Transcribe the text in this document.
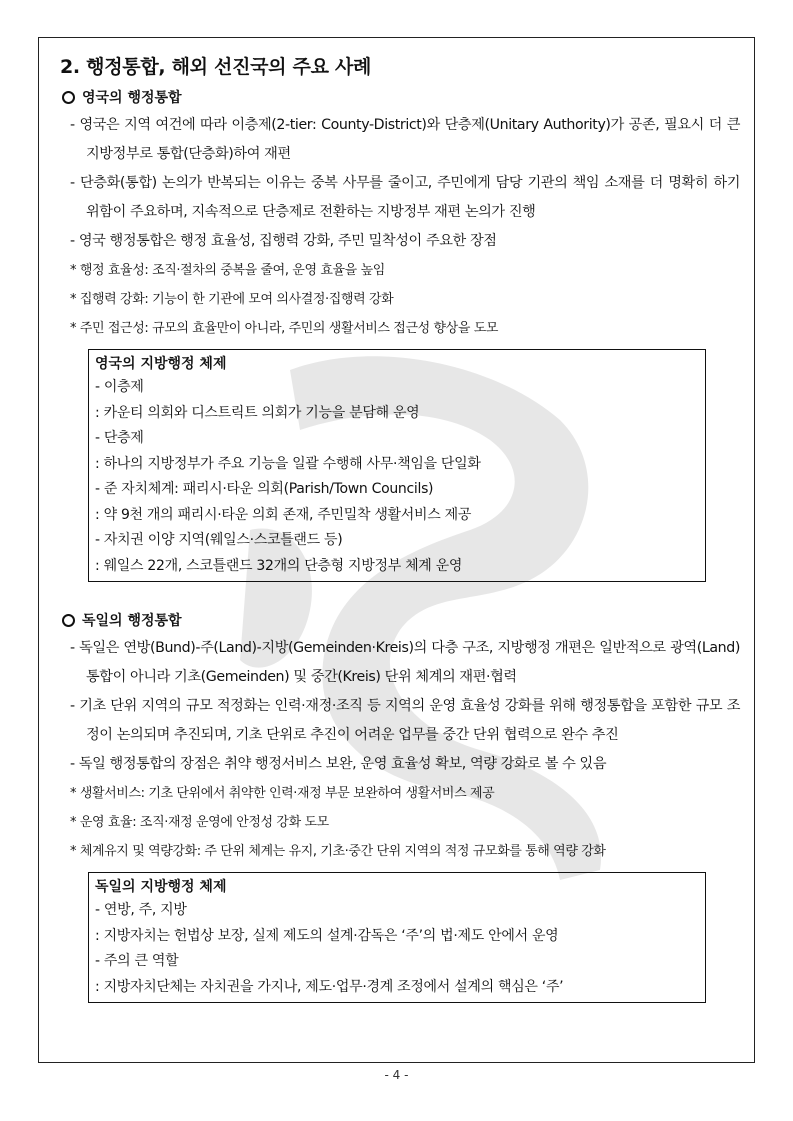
2. 행정통합, 해외 선진국의 주요 사례
영국의 행정통합
- 영국은 지역 여건에 따라 이층제(2-tier: County-District)와 단층제(Unitary Authority)가 공존, 필요시 더 큰 지방정부로 통합(단층화)하여 재편
- 단층화(통합) 논의가 반복되는 이유는 중복 사무를 줄이고, 주민에게 담당 기관의 책임 소재를 더 명확히 하기 위함이 주요하며, 지속적으로 단층제로 전환하는 지방정부 재편 논의가 진행
- 영국 행정통합은 행정 효율성, 집행력 강화, 주민 밀착성이 주요한 장점
* 행정 효율성: 조직·절차의 중복을 줄여, 운영 효율을 높임
* 집행력 강화: 기능이 한 기관에 모여 의사결정·집행력 강화
* 주민 접근성: 규모의 효율만이 아니라, 주민의 생활서비스 접근성 향상을 도모
영국의 지방행정 체제
- 이층제
: 카운티 의회와 디스트릭트 의회가 기능을 분담해 운영
- 단층제
: 하나의 지방정부가 주요 기능을 일괄 수행해 사무·책임을 단일화
- 준 자치체계: 패리시·타운 의회(Parish/Town Councils)
: 약 9천 개의 패리시·타운 의회 존재, 주민밀착 생활서비스 제공
- 자치권 이양 지역(웨일스·스코틀랜드 등)
: 웨일스 22개, 스코틀랜드 32개의 단층형 지방정부 체계 운영
독일의 행정통합
- 독일은 연방(Bund)-주(Land)-지방(Gemeinden·Kreis)의 다층 구조, 지방행정 개편은 일반적으로 광역(Land) 통합이 아니라 기초(Gemeinden) 및 중간(Kreis) 단위 체계의 재편·협력
- 기초 단위 지역의 규모 적정화는 인력·재정·조직 등 지역의 운영 효율성 강화를 위해 행정통합을 포함한 규모 조정이 논의되며 추진되며, 기초 단위로 추진이 어려운 업무를 중간 단위 협력으로 완수 추진
- 독일 행정통합의 장점은 취약 행정서비스 보완, 운영 효율성 확보, 역량 강화로 볼 수 있음
* 생활서비스: 기초 단위에서 취약한 인력·재정 부문 보완하여 생활서비스 제공
* 운영 효율: 조직·재정 운영에 안정성 강화 도모
* 체계유지 및 역량강화: 주 단위 체계는 유지, 기초·중간 단위 지역의 적정 규모화를 통해 역량 강화
독일의 지방행정 체제
- 연방, 주, 지방
: 지방자치는 헌법상 보장, 실제 제도의 설계·감독은 ‘주’의 법·제도 안에서 운영
- 주의 큰 역할
: 지방자치단체는 자치권을 가지나, 제도·업무·경계 조정에서 설계의 핵심은 ‘주’
- 4 -
